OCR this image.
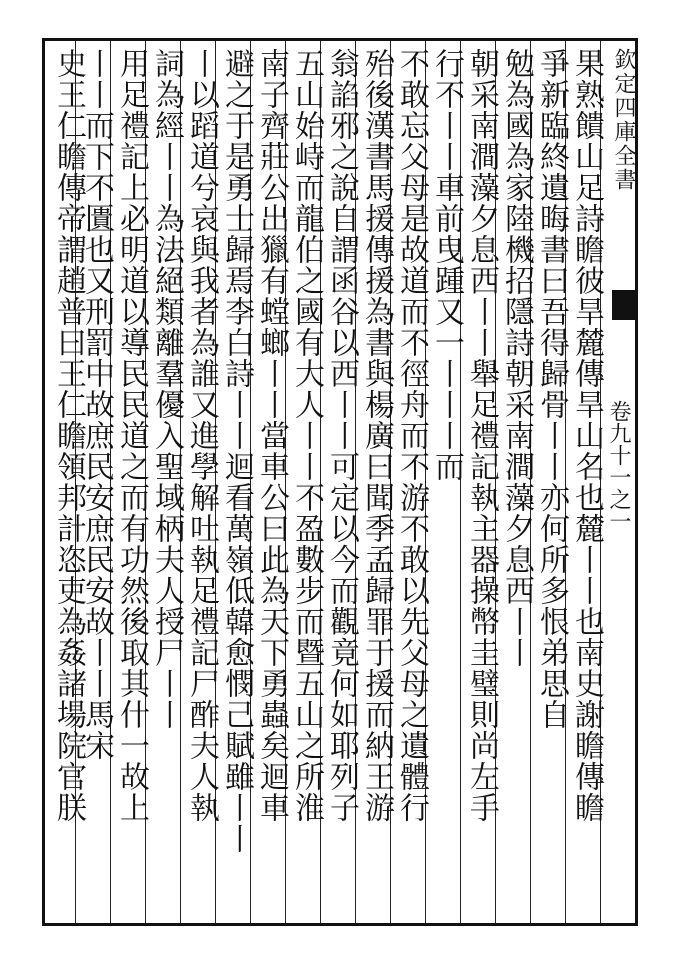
欽定四庫全書
卷九十一之一
果熟饋山足詩瞻彼旱麓傳旱山名也麓丨丨也南史謝瞻傳瞻
爭新臨終遺晦書曰吾得歸骨丨丨亦何所多恨弟思自
勉為國為家陸機招隱詩朝采南澗藻夕息西丨丨
朝采南澗藻夕息西丨丨舉足禮記執主器操幣圭璧則尚左手
行不丨丨車前曳踵又一丨丨丨而
不敢忘父母是故道而不徑舟而不游不敢以先父母之遺體行
殆後漢書馬援傳援為書與楊廣曰聞季孟歸罪于援而納王游
翁諂邪之說自謂函谷以西丨丨可定以今而觀竟何如耶列子
五山始峙而龍伯之國有大人丨丨不盈數步而暨五山之所淮
南子齊莊公出獵有螳螂丨丨當車公曰此為天下勇蟲矣迴車
避之于是勇士歸焉李白詩丨丨迴看萬嶺低韓愈憫己賦雖丨丨
丨以蹈道兮哀與我者為誰又進學解吐執足禮記尸酢夫人執
詞為經丨丨為法絕類離羣優入聖域柄夫人授尸丨丨
用足禮記上必明道以導民民道之而有功然後取其什一故上
丨丨而下不匱也又刑罰中故庶民安庶民安故丨丨馬宋
史王仁瞻傳帝謂趙普曰王仁瞻領邦計恣吏為姦諸場院官朕
